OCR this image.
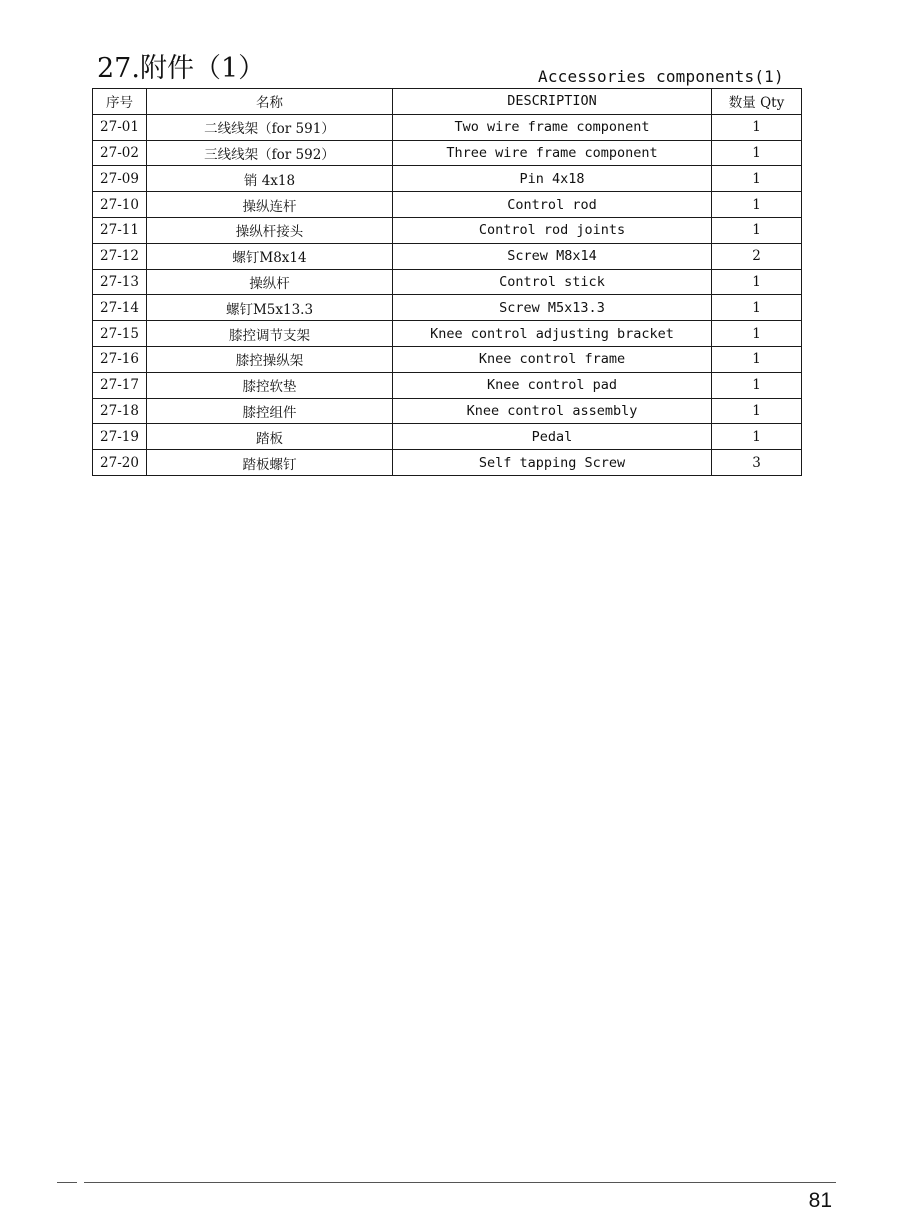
27.附件（1）	Accessories components(1)
序号	名称	DESCRIPTION	数量 Qty
27-01	二线线架（for 591）	Two wire frame component	1
27-02	三线线架（for 592）	Three wire frame component	1
27-09	销 4x18	Pin 4x18	1
27-10	操纵连杆	Control rod	1
27-11	操纵杆接头	Control rod joints	1
27-12	螺钉M8x14	Screw M8x14	2
27-13	操纵杆	Control stick	1
27-14	螺钉M5x13.3	Screw M5x13.3	1
27-15	膝控调节支架	Knee control adjusting bracket	1
27-16	膝控操纵架	Knee control frame	1
27-17	膝控软垫	Knee control pad	1
27-18	膝控组件	Knee control assembly	1
27-19	踏板	Pedal	1
27-20	踏板螺钉	Self tapping Screw	3
81
